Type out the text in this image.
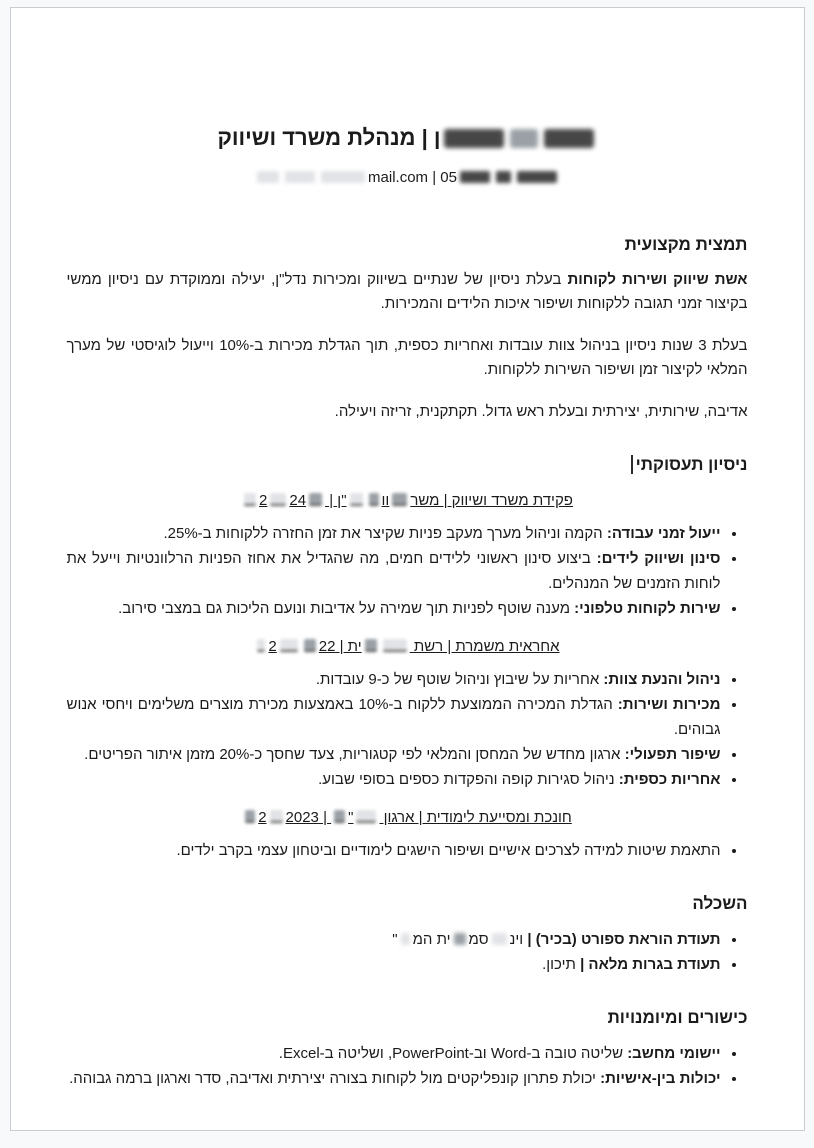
ן | מנהלת משרד ושיווק
mail.com | 05
תמצית מקצועית

אשת שיווק ושירות לקוחות בעלת ניסיון של שנתיים בשיווק ומכירות נדל"ן, יעילה וממוקדת עם ניסיון ממשי בקיצור זמני תגובה ללקוחות ושיפור איכות הלידים והמכירות.

בעלת 3 שנות ניסיון בניהול צוות עובדות ואחריות כספית, תוך הגדלת מכירות ב-10% וייעול לוגיסטי של מערך המלאי לקיצור זמן ושיפור השירות ללקוחות.

אדיבה, שירותית, יצירתית ובעלת ראש גדול. תקתקנית, זריזה ויעילה.

ניסיון תעסוקתי
פקידת משרד ושיווק | משרוו"ן | 242
• ייעול זמני עבודה: הקמה וניהול מערך מעקב פניות שקיצר את זמן החזרה ללקוחות ב-25%.
• סינון ושיווק לידים: ביצוע סינון ראשוני ללידים חמים, מה שהגדיל את אחוז הפניות הרלוונטיות וייעל את לוחות הזמנים של המנהלים.
• שירות לקוחות טלפוני: מענה שוטף לפניות תוך שמירה על אדיבות ונועם הליכות גם במצבי סירוב.
אחראית משמרת | רשת ית | 222
• ניהול והנעת צוות: אחריות על שיבוץ וניהול שוטף של כ-9 עובדות.
• מכירות ושירות: הגדלת המכירה הממוצעת ללקוח ב-10% באמצעות מכירת מוצרים משלימים ויחסי אנוש גבוהים.
• שיפור תפעולי: ארגון מחדש של המחסן והמלאי לפי קטגוריות, צעד שחסך כ-20% מזמן איתור הפריטים.
• אחריות כספית: ניהול סגירות קופה והפקדות כספים בסופי שבוע.
חונכת ומסייעת לימודית | ארגון " | 20232
• התאמת שיטות למידה לצרכים אישיים ושיפור הישגים לימודיים וביטחון עצמי בקרב ילדים.
השכלה
• תעודת הוראת ספורט (בכיר) | וינסמית המ"
• תעודת בגרות מלאה | תיכון.
כישורים ומיומנויות
• יישומי מחשב: שליטה טובה ב-Word וב-PowerPoint, ושליטה ב-Excel.
• יכולות בין-אישיות: יכולת פתרון קונפליקטים מול לקוחות בצורה יצירתית ואדיבה, סדר וארגון ברמה גבוהה.
